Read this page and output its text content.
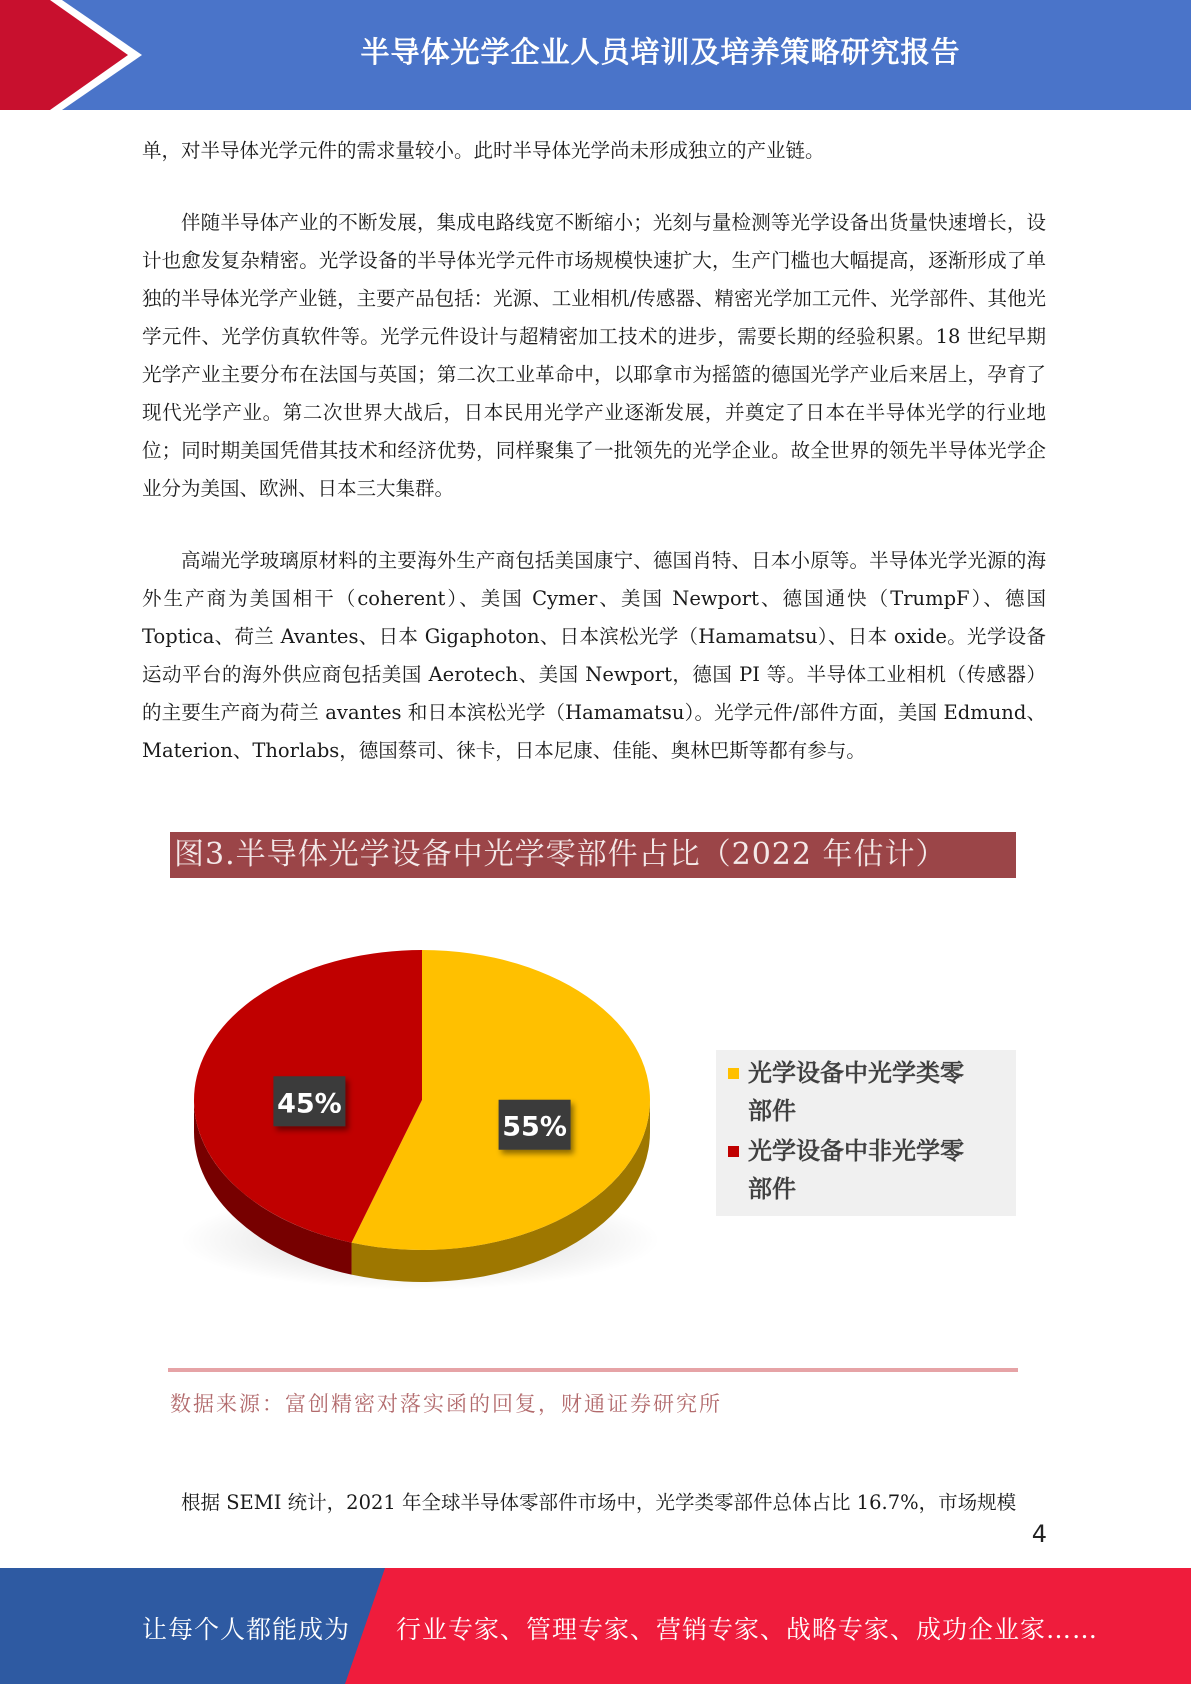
半导体光学企业人员培训及培养策略研究报告

单，对半导体光学元件的需求量较小。此时半导体光学尚未形成独立的产业链。

伴随半导体产业的不断发展，集成电路线宽不断缩小；光刻与量检测等光学设备出货量快速增长，设计也愈发复杂精密。光学设备的半导体光学元件市场规模快速扩大，生产门槛也大幅提高，逐渐形成了单独的半导体光学产业链，主要产品包括：光源、工业相机/传感器、精密光学加工元件、光学部件、其他光学元件、光学仿真软件等。光学元件设计与超精密加工技术的进步，需要长期的经验积累。18 世纪早期光学产业主要分布在法国与英国；第二次工业革命中，以耶拿市为摇篮的德国光学产业后来居上，孕育了现代光学产业。第二次世界大战后，日本民用光学产业逐渐发展，并奠定了日本在半导体光学的行业地位；同时期美国凭借其技术和经济优势，同样聚集了一批领先的光学企业。故全世界的领先半导体光学企业分为美国、欧洲、日本三大集群。

高端光学玻璃原材料的主要海外生产商包括美国康宁、德国肖特、日本小原等。半导体光学光源的海外生产商为美国相干（coherent）、美国 Cymer、美国 Newport、德国通快（TrumpF）、德国 Toptica、荷兰 Avantes、日本 Gigaphoton、日本滨松光学（Hamamatsu）、日本 oxide。光学设备运动平台的海外供应商包括美国 Aerotech、美国 Newport，德国 PI 等。半导体工业相机（传感器）的主要生产商为荷兰 avantes 和日本滨松光学（Hamamatsu）。光学元件/部件方面，美国 Edmund、Materion、Thorlabs，德国蔡司、徕卡，日本尼康、佳能、奥林巴斯等都有参与。

图3.半导体光学设备中光学零部件占比（2022 年估计）
55%
45%
光学设备中光学类零
部件
光学设备中非光学零
部件
数据来源：富创精密对落实函的回复，财通证券研究所
根据 SEMI 统计，2021 年全球半导体零部件市场中，光学类零部件总体占比 16.7%，市场规模
4
让每个人都能成为 行业专家、管理专家、营销专家、战略专家、成功企业家……
